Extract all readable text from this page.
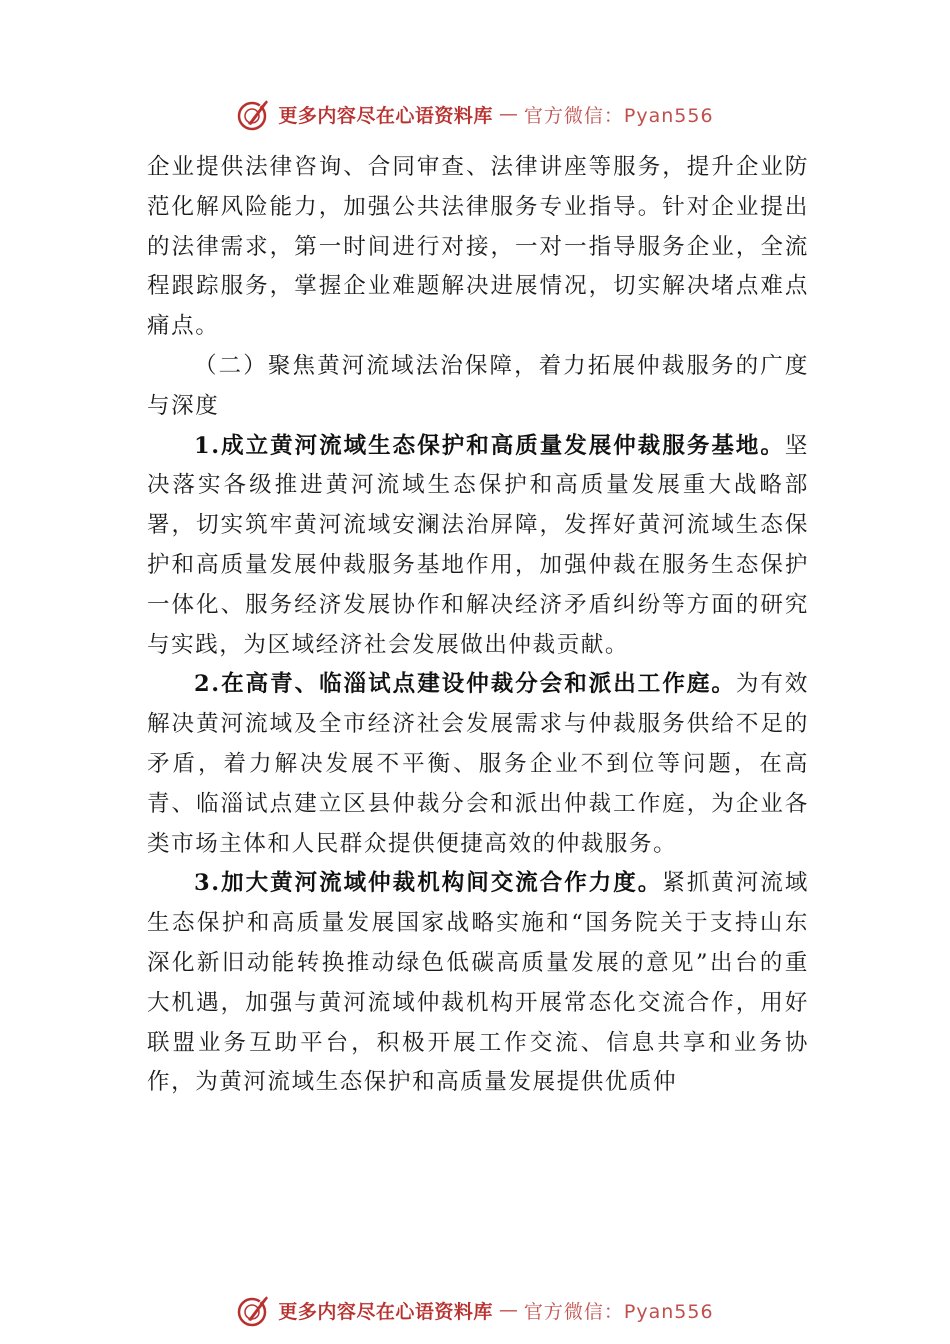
更多内容尽在心语资料库 — 官方微信：Pyan556

企业提供法律咨询、合同审查、法律讲座等服务，提升企业防范化解风险能力，加强公共法律服务专业指导。针对企业提出的法律需求，第一时间进行对接，一对一指导服务企业，全流程跟踪服务，掌握企业难题解决进展情况，切实解决堵点难点痛点。

（二）聚焦黄河流域法治保障，着力拓展仲裁服务的广度与深度

1.成立黄河流域生态保护和高质量发展仲裁服务基地。坚决落实各级推进黄河流域生态保护和高质量发展重大战略部署，切实筑牢黄河流域安澜法治屏障，发挥好黄河流域生态保护和高质量发展仲裁服务基地作用，加强仲裁在服务生态保护一体化、服务经济发展协作和解决经济矛盾纠纷等方面的研究与实践，为区域经济社会发展做出仲裁贡献。

2.在高青、临淄试点建设仲裁分会和派出工作庭。为有效解决黄河流域及全市经济社会发展需求与仲裁服务供给不足的矛盾，着力解决发展不平衡、服务企业不到位等问题，在高青、临淄试点建立区县仲裁分会和派出仲裁工作庭，为企业各类市场主体和人民群众提供便捷高效的仲裁服务。

3.加大黄河流域仲裁机构间交流合作力度。紧抓黄河流域生态保护和高质量发展国家战略实施和“国务院关于支持山东深化新旧动能转换推动绿色低碳高质量发展的意见”出台的重大机遇，加强与黄河流域仲裁机构开展常态化交流合作，用好联盟业务互助平台，积极开展工作交流、信息共享和业务协作，为黄河流域生态保护和高质量发展提供优质仲

更多内容尽在心语资料库 — 官方微信：Pyan556
